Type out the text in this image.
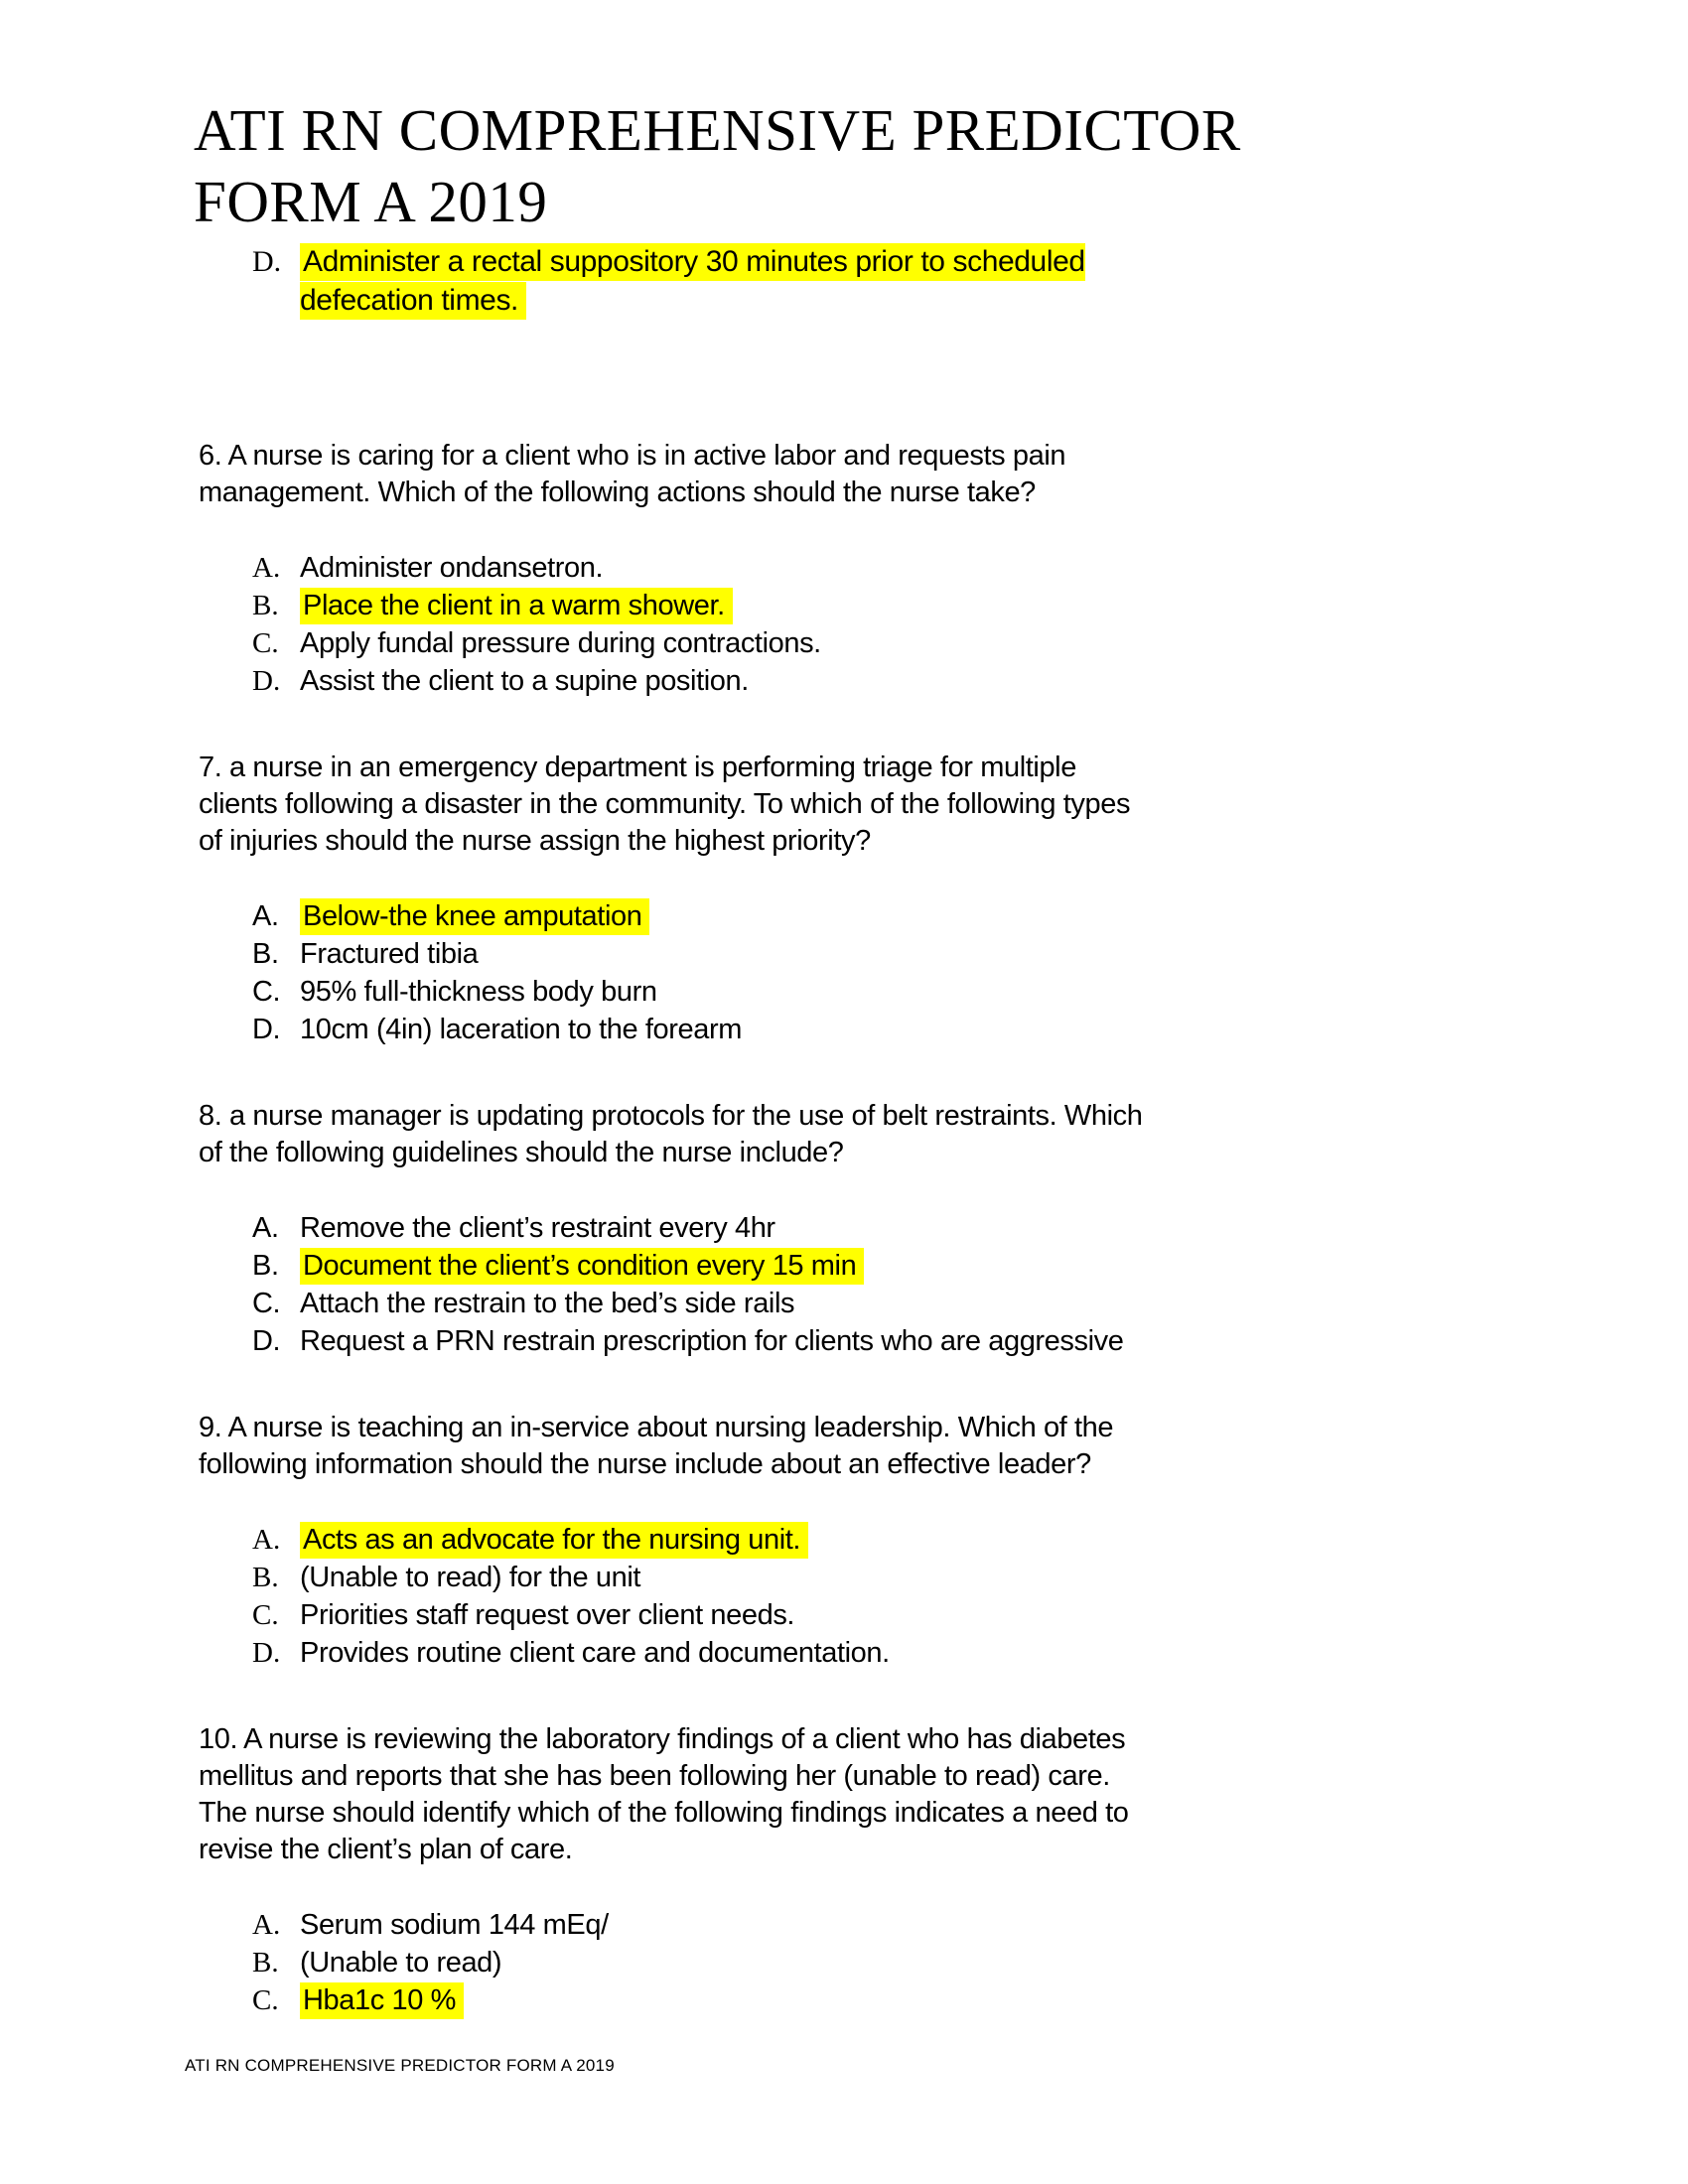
ATI RN COMPREHENSIVE PREDICTOR
FORM A 2019
D. Administer a rectal suppository 30 minutes prior to scheduled
defecation times.
6. A nurse is caring for a client who is in active labor and requests pain
management. Which of the following actions should the nurse take?
A. Administer ondansetron.
B. Place the client in a warm shower.
C. Apply fundal pressure during contractions.
D. Assist the client to a supine position.
7. a nurse in an emergency department is performing triage for multiple
clients following a disaster in the community. To which of the following types
of injuries should the nurse assign the highest priority?
A. Below-the knee amputation
B. Fractured tibia
C. 95% full-thickness body burn
D. 10cm (4in) laceration to the forearm
8. a nurse manager is updating protocols for the use of belt restraints. Which
of the following guidelines should the nurse include?
A. Remove the client’s restraint every 4hr
B. Document the client’s condition every 15 min
C. Attach the restrain to the bed’s side rails
D. Request a PRN restrain prescription for clients who are aggressive
9. A nurse is teaching an in-service about nursing leadership. Which of the
following information should the nurse include about an effective leader?
A. Acts as an advocate for the nursing unit.
B. (Unable to read) for the unit
C. Priorities staff request over client needs.
D. Provides routine client care and documentation.
10. A nurse is reviewing the laboratory findings of a client who has diabetes
mellitus and reports that she has been following her (unable to read) care.
The nurse should identify which of the following findings indicates a need to
revise the client’s plan of care.
A. Serum sodium 144 mEq/
B. (Unable to read)
C. Hba1c 10 %
ATI RN COMPREHENSIVE PREDICTOR FORM A 2019
